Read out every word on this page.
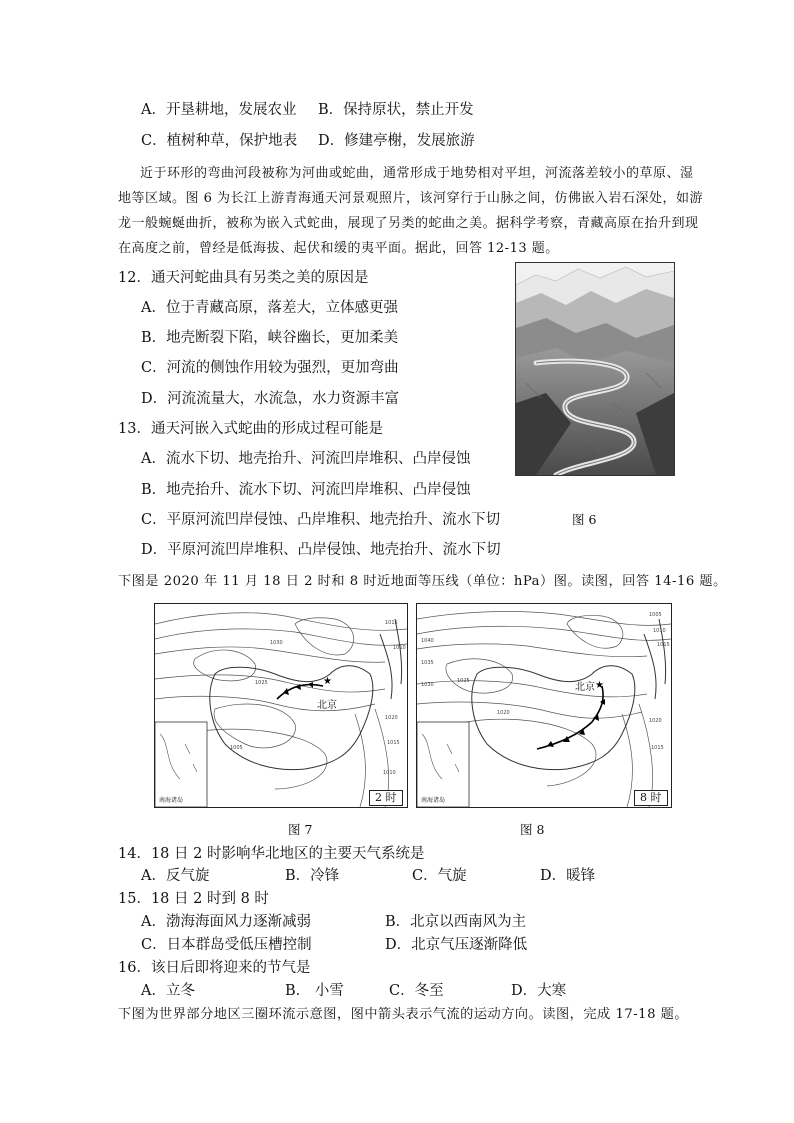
A．开垦耕地，发展农业 B．保持原状，禁止开发
C．植树种草，保护地表 D．修建亭榭，发展旅游
近于环形的弯曲河段被称为河曲或蛇曲，通常形成于地势相对平坦，河流落差较小的草原、湿
地等区域。图 6 为长江上游青海通天河景观照片，该河穿行于山脉之间，仿佛嵌入岩石深处，如游
龙一般蜿蜒曲折，被称为嵌入式蛇曲，展现了另类的蛇曲之美。据科学考察，青藏高原在抬升到现
在高度之前，曾经是低海拔、起伏和缓的夷平面。据此，回答 12-13 题。
12．通天河蛇曲具有另类之美的原因是
A．位于青藏高原，落差大，立体感更强
B．地壳断裂下陷，峡谷幽长，更加柔美
C．河流的侧蚀作用较为强烈，更加弯曲
D．河流流量大，水流急，水力资源丰富
13．通天河嵌入式蛇曲的形成过程可能是
A．流水下切、地壳抬升、河流凹岸堆积、凸岸侵蚀
B．地壳抬升、流水下切、河流凹岸堆积、凸岸侵蚀
C．平原河流凹岸侵蚀、凸岸堆积、地壳抬升、流水下切
D．平原河流凹岸堆积、凸岸侵蚀、地壳抬升、流水下切
图 6
下图是 2020 年 11 月 18 日 2 时和 8 时近地面等压线（单位：hPa）图。读图，回答 14-16 题。
★
1030
1015
1010
1025
1005
1020
1015
1010
北京
南海诸岛	2 时
★
1005
1010
1015
1040
1035
1030
1025
1020
1020
1015
北京
南海诸岛	8 时
图 7	图 8
14．18 日 2 时影响华北地区的主要天气系统是
A．反气旋	B．冷锋	C．气旋	D．暖锋
15．18 日 2 时到 8 时
A．渤海海面风力逐渐减弱	B．北京以西南风为主
C．日本群岛受低压槽控制	D．北京气压逐渐降低
16．该日后即将迎来的节气是
A．立冬	B． 小雪	C．冬至	D．大寒
下图为世界部分地区三圈环流示意图，图中箭头表示气流的运动方向。读图，完成 17-18 题。
